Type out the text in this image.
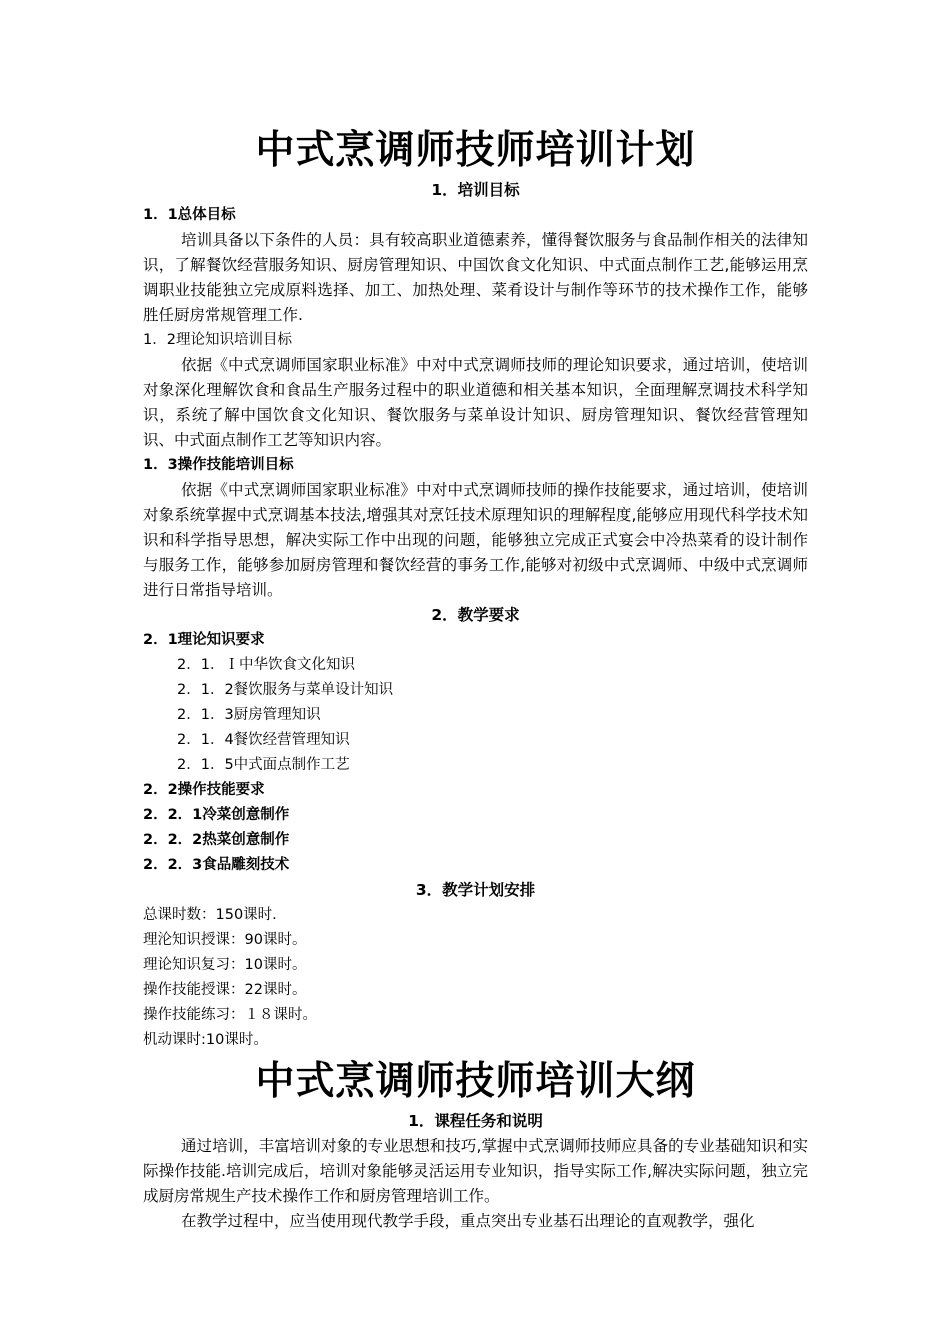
中式烹调师技师培训计划
1．培训目标

1．1总体目标

培训具备以下条件的人员：具有较高职业道德素养，懂得餐饮服务与食品制作相关的法律知识，了解餐饮经营服务知识、厨房管理知识、中国饮食文化知识、中式面点制作工艺,能够运用烹调职业技能独立完成原料选择、加工、加热处理、菜肴设计与制作等环节的技术操作工作，能够胜任厨房常规管理工作.

1．2理论知识培训目标

依据《中式烹调师国家职业标准》中对中式烹调师技师的理论知识要求，通过培训，使培训对象深化理解饮食和食品生产服务过程中的职业道德和相关基本知识，全面理解烹调技术科学知识，系统了解中国饮食文化知识、餐饮服务与菜单设计知识、厨房管理知识、餐饮经营管理知识、中式面点制作工艺等知识内容。

1．3操作技能培训目标

依据《中式烹调师国家职业标准》中对中式烹调师技师的操作技能要求，通过培训，使培训对象系统掌握中式烹调基本技法,增强其对烹饪技术原理知识的理解程度,能够应用现代科学技术知识和科学指导思想，解决实际工作中出现的问题，能够独立完成正式宴会中冷热菜肴的设计制作与服务工作，能够参加厨房管理和餐饮经营的事务工作,能够对初级中式烹调师、中级中式烹调师进行日常指导培训。

2．教学要求

2．1理论知识要求

2．1．Ｉ中华饮食文化知识

2．1．2餐饮服务与菜单设计知识

2．1．3厨房管理知识

2．1．4餐饮经营管理知识

2．1．5中式面点制作工艺

2．2操作技能要求

2．2．1冷菜创意制作

2．2．2热菜创意制作

2．2．3食品雕刻技术

3．教学计划安排

总课时数：150课时.

理沦知识授课：90课时。

理论知识复习：10课时。

操作技能授课：22课时。

操作技能练习：１８课时。

机动课时:10课时。

中式烹调师技师培训大纲
1．课程任务和说明

通过培训，丰富培训对象的专业思想和技巧,掌握中式烹调师技师应具备的专业基础知识和实际操作技能.培训完成后，培训对象能够灵活运用专业知识，指导实际工作,解决实际问题，独立完成厨房常规生产技术操作工作和厨房管理培训工作。

在教学过程中，应当使用现代教学手段，重点突出专业基石出理论的直观教学，强化
